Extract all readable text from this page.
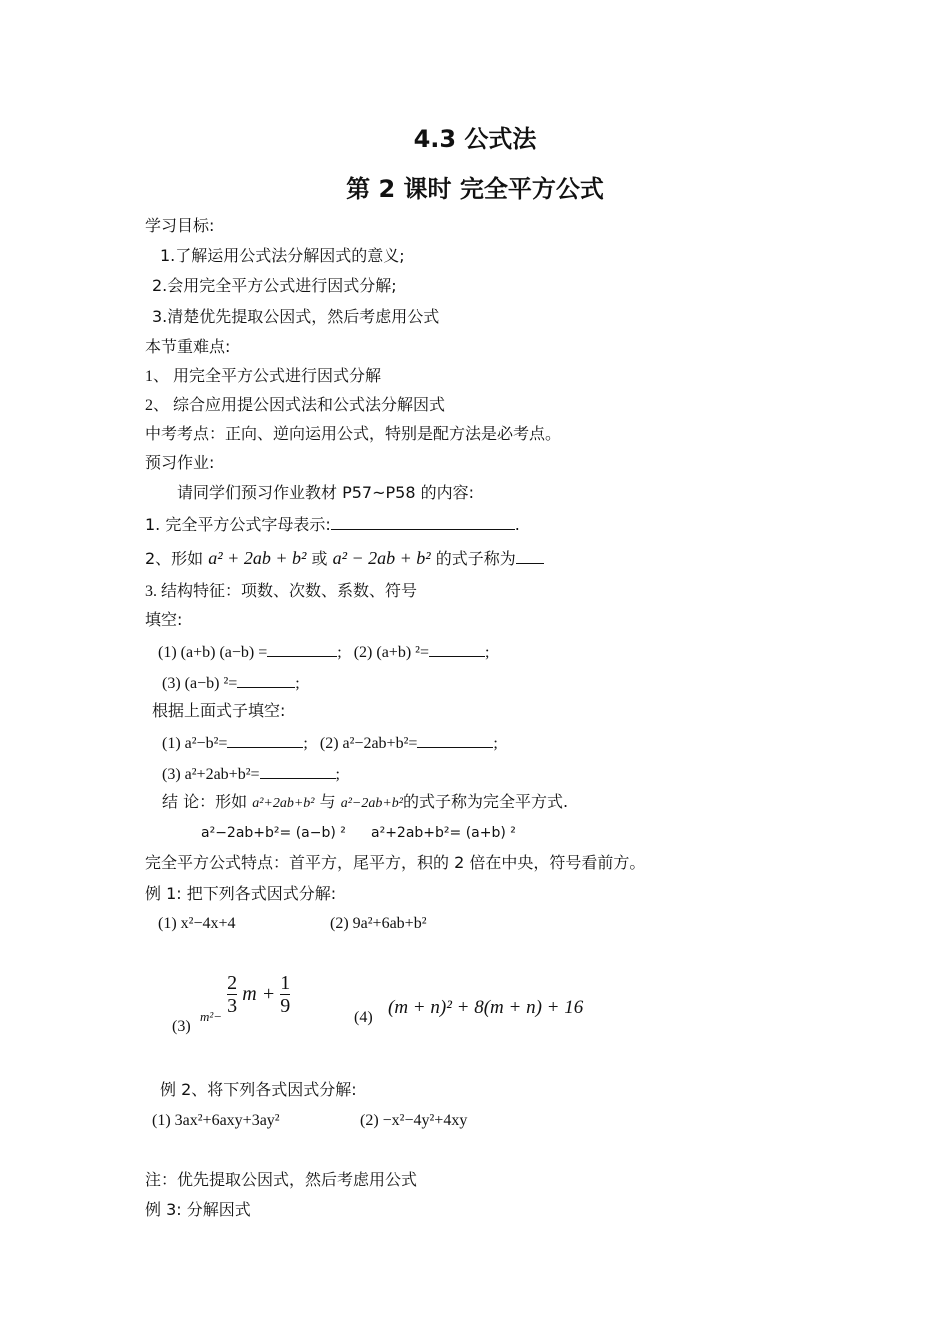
4.3 公式法
第 2 课时 完全平方公式
学习目标:
1.了解运用公式法分解因式的意义;
2.会用完全平方公式进行因式分解;
3.清楚优先提取公因式，然后考虑用公式
本节重难点:
1、 用完全平方公式进行因式分解
2、 综合应用提公因式法和公式法分解因式
中考考点：正向、逆向运用公式，特别是配方法是必考点。
预习作业:
请同学们预习作业教材 P57~P58 的内容:
1. 完全平方公式字母表示:	.
2、形如 a² + 2ab + b² 或 a² − 2ab + b² 的式子称为
3. 结构特征：项数、次数、系数、符号
填空:
(1) (a+b) (a−b) =	; (2) (a+b) ²=	;
(3) (a−b) ²=	;
根据上面式子填空:
(1) a²−b²=	; (2) a²−2ab+b²=	;
(3) a²+2ab+b²=	;
结 论：形如 a²+2ab+b² 与 a²−2ab+b²的式子称为完全平方式.
a²−2ab+b²= (a−b) ² a²+2ab+b²= (a+b) ²
完全平方公式特点：首平方，尾平方，积的 2 倍在中央，符号看前方。
例 1: 把下列各式因式分解:
(1) x²−4x+4	(2) 9a²+6ab+b²
(3)
$_{m^2-} \frac{2}{3}$ $m + \frac{1}{9}$
(4) (m + n)² + 8(m + n) + 16
例 2、将下列各式因式分解:
(1) 3ax²+6axy+3ay²	(2) −x²−4y²+4xy
注：优先提取公因式，然后考虑用公式
例 3: 分解因式
